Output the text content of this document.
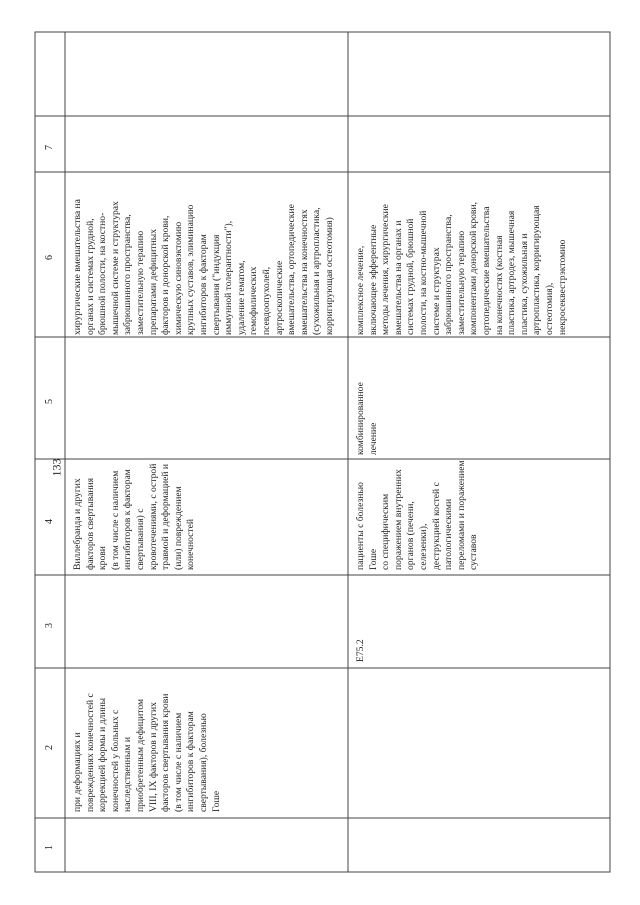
133
1
2
3
4
5
6
7
при деформациях и
повреждениях конечностей с
коррекцией формы и длины
конечностей у больных с
наследственным и
приобретенным дефицитом
VIII, IX факторов и других
факторов свертывания крови
(в том числе с наличием
ингибиторов к факторам
свертывания), болезнью
Гоше
Виллебранда и других
факторов свертывания крови
(в том числе с наличием
ингибиторов к факторам
свертывания) с
кровотечениями, с острой
травмой и деформацией и
(или) повреждением
конечностей
хирургические вмешательства на
органах и системах грудной,
брюшной полости, на костно-
мышечной системе и структурах
забрюшинного пространства,
заместительную терапию
препаратами дефицитных
факторов и донорской крови,
химическую синовэктомию
крупных суставов, элиминацию
ингибиторов к факторам
свертывания ("индукция
иммунной толерантности"),
удаление гематом,
гемофилических
псевдоопухолей,
артроскопические
вмешательства, ортопедические
вмешательства на конечностях
(сухожильная и артропластика,
корригирующая остеотомия)
E75.2
пациенты с болезнью Гоше
со специфическим
поражением внутренних
органов (печени, селезенки),
деструкцией костей с
патологическими
переломами и поражением
суставов
комбинированное
лечение
комплексное лечение,
включающее эфферентные
методы лечения, хирургические
вмешательства на органах и
системах грудной, брюшной
полости, на костно-мышечной
системе и структурах
забрюшинного пространства,
заместительную терапию
компонентами донорской крови,
ортопедические вмешательства
на конечностях (костная
пластика, артродез, мышечная
пластика, сухожильная и
артропластика, корригирующая
остеотомия),
некросеквестрэктомию
